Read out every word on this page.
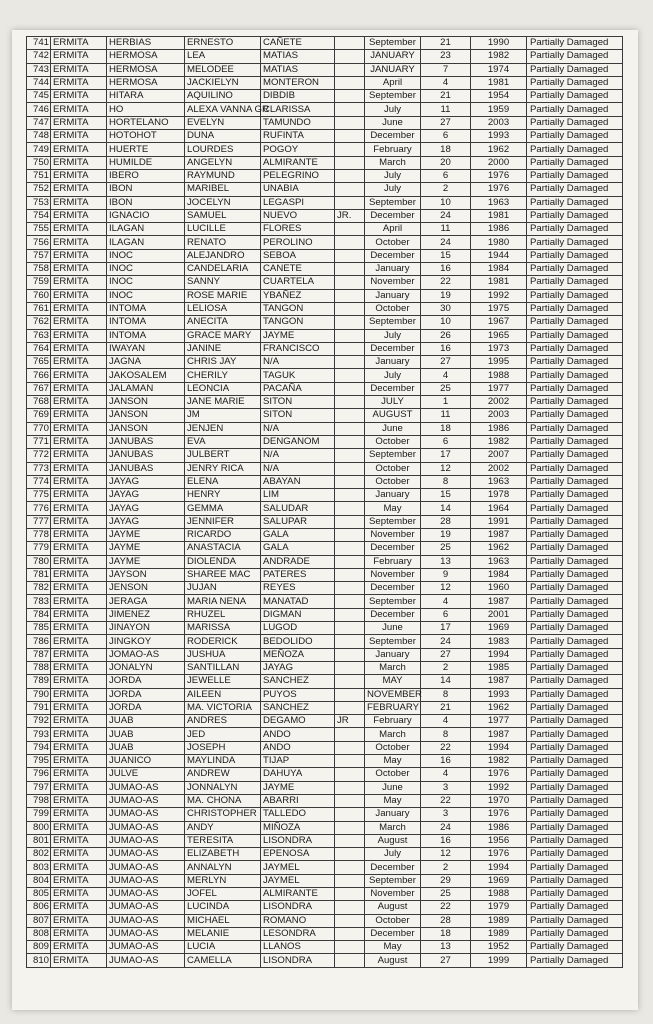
741	ERMITA	HERBIAS	ERNESTO	CAÑETE		September	21	1990	Partially Damaged
742	ERMITA	HERMOSA	LEA	MATIAS		JANUARY	23	1982	Partially Damaged
743	ERMITA	HERMOSA	MELODEE	MATIAS		JANUARY	7	1974	Partially Damaged
744	ERMITA	HERMOSA	JACKIELYN	MONTERON		April	4	1981	Partially Damaged
745	ERMITA	HITARA	AQUILINO	DIBDIB		September	21	1954	Partially Damaged
746	ERMITA	HO	ALEXA VANNA GR	CLARISSA		July	11	1959	Partially Damaged
747	ERMITA	HORTELANO	EVELYN	TAMUNDO		June	27	2003	Partially Damaged
748	ERMITA	HOTOHOT	DUNA	RUFINTA		December	6	1993	Partially Damaged
749	ERMITA	HUERTE	LOURDES	POGOY		February	18	1962	Partially Damaged
750	ERMITA	HUMILDE	ANGELYN	ALMIRANTE		March	20	2000	Partially Damaged
751	ERMITA	IBERO	RAYMUND	PELEGRINO		July	6	1976	Partially Damaged
752	ERMITA	IBON	MARIBEL	UNABIA		July	2	1976	Partially Damaged
753	ERMITA	IBON	JOCELYN	LEGASPI		September	10	1963	Partially Damaged
754	ERMITA	IGNACIO	SAMUEL	NUEVO	JR.	December	24	1981	Partially Damaged
755	ERMITA	ILAGAN	LUCILLE	FLORES		April	11	1986	Partially Damaged
756	ERMITA	ILAGAN	RENATO	PEROLINO		October	24	1980	Partially Damaged
757	ERMITA	INOC	ALEJANDRO	SEBOA		December	15	1944	Partially Damaged
758	ERMITA	INOC	CANDELARIA	CANETE		January	16	1984	Partially Damaged
759	ERMITA	INOC	SANNY	CUARTELA		November	22	1981	Partially Damaged
760	ERMITA	INOC	ROSE MARIE	YBAÑEZ		January	19	1992	Partially Damaged
761	ERMITA	INTOMA	LELIOSA	TANGON		October	30	1975	Partially Damaged
762	ERMITA	INTOMA	ANECITA	TANGON		September	10	1967	Partially Damaged
763	ERMITA	INTOMA	GRACE MARY	JAYME		July	26	1965	Partially Damaged
764	ERMITA	IWAYAN	JANINE	FRANCISCO		December	16	1973	Partially Damaged
765	ERMITA	JAGNA	CHRIS JAY	N/A		January	27	1995	Partially Damaged
766	ERMITA	JAKOSALEM	CHERILY	TAGUK		July	4	1988	Partially Damaged
767	ERMITA	JALAMAN	LEONCIA	PACAÑA		December	25	1977	Partially Damaged
768	ERMITA	JANSON	JANE MARIE	SITON		JULY	1	2002	Partially Damaged
769	ERMITA	JANSON	JM	SITON		AUGUST	11	2003	Partially Damaged
770	ERMITA	JANSON	JENJEN	N/A		June	18	1986	Partially Damaged
771	ERMITA	JANUBAS	EVA	DENGANOM		October	6	1982	Partially Damaged
772	ERMITA	JANUBAS	JULBERT	N/A		September	17	2007	Partially Damaged
773	ERMITA	JANUBAS	JENRY RICA	N/A		October	12	2002	Partially Damaged
774	ERMITA	JAYAG	ELENA	ABAYAN		October	8	1963	Partially Damaged
775	ERMITA	JAYAG	HENRY	LIM		January	15	1978	Partially Damaged
776	ERMITA	JAYAG	GEMMA	SALUDAR		May	14	1964	Partially Damaged
777	ERMITA	JAYAG	JENNIFER	SALUPAR		September	28	1991	Partially Damaged
778	ERMITA	JAYME	RICARDO	GALA		November	19	1987	Partially Damaged
779	ERMITA	JAYME	ANASTACIA	GALA		December	25	1962	Partially Damaged
780	ERMITA	JAYME	DIOLENDA	ANDRADE		February	13	1963	Partially Damaged
781	ERMITA	JAYSON	SHAREE MAC	PATERES		November	9	1984	Partially Damaged
782	ERMITA	JENSON	JUJAN	REYES		December	12	1960	Partially Damaged
783	ERMITA	JERAGA	MARIA NENA	MANATAD		September	4	1987	Partially Damaged
784	ERMITA	JIMENEZ	RHUZEL	DIGMAN		December	6	2001	Partially Damaged
785	ERMITA	JINAYON	MARISSA	LUGOD		June	17	1969	Partially Damaged
786	ERMITA	JINGKOY	RODERICK	BEDOLIDO		September	24	1983	Partially Damaged
787	ERMITA	JOMAO-AS	JUSHUA	MEÑOZA		January	27	1994	Partially Damaged
788	ERMITA	JONALYN	SANTILLAN	JAYAG		March	2	1985	Partially Damaged
789	ERMITA	JORDA	JEWELLE	SANCHEZ		MAY	14	1987	Partially Damaged
790	ERMITA	JORDA	AILEEN	PUYOS		NOVEMBER	8	1993	Partially Damaged
791	ERMITA	JORDA	MA. VICTORIA	SANCHEZ		FEBRUARY	21	1962	Partially Damaged
792	ERMITA	JUAB	ANDRES	DEGAMO	JR	February	4	1977	Partially Damaged
793	ERMITA	JUAB	JED	ANDO		March	8	1987	Partially Damaged
794	ERMITA	JUAB	JOSEPH	ANDO		October	22	1994	Partially Damaged
795	ERMITA	JUANICO	MAYLINDA	TIJAP		May	16	1982	Partially Damaged
796	ERMITA	JULVE	ANDREW	DAHUYA		October	4	1976	Partially Damaged
797	ERMITA	JUMAO-AS	JONNALYN	JAYME		June	3	1992	Partially Damaged
798	ERMITA	JUMAO-AS	MA. CHONA	ABARRI		May	22	1970	Partially Damaged
799	ERMITA	JUMAO-AS	CHRISTOPHER	TALLEDO		January	3	1976	Partially Damaged
800	ERMITA	JUMAO-AS	ANDY	MIÑOZA		March	24	1986	Partially Damaged
801	ERMITA	JUMAO-AS	TERESITA	LISONDRA		August	16	1956	Partially Damaged
802	ERMITA	JUMAO-AS	ELIZABETH	EPENOSA		July	12	1976	Partially Damaged
803	ERMITA	JUMAO-AS	ANNALYN	JAYMEL		December	2	1994	Partially Damaged
804	ERMITA	JUMAO-AS	MERLYN	JAYMEL		September	29	1969	Partially Damaged
805	ERMITA	JUMAO-AS	JOFEL	ALMIRANTE		November	25	1988	Partially Damaged
806	ERMITA	JUMAO-AS	LUCINDA	LISONDRA		August	22	1979	Partially Damaged
807	ERMITA	JUMAO-AS	MICHAEL	ROMANO		October	28	1989	Partially Damaged
808	ERMITA	JUMAO-AS	MELANIE	LESONDRA		December	18	1989	Partially Damaged
809	ERMITA	JUMAO-AS	LUCIA	LLANOS		May	13	1952	Partially Damaged
810	ERMITA	JUMAO-AS	CAMELLA	LISONDRA		August	27	1999	Partially Damaged
